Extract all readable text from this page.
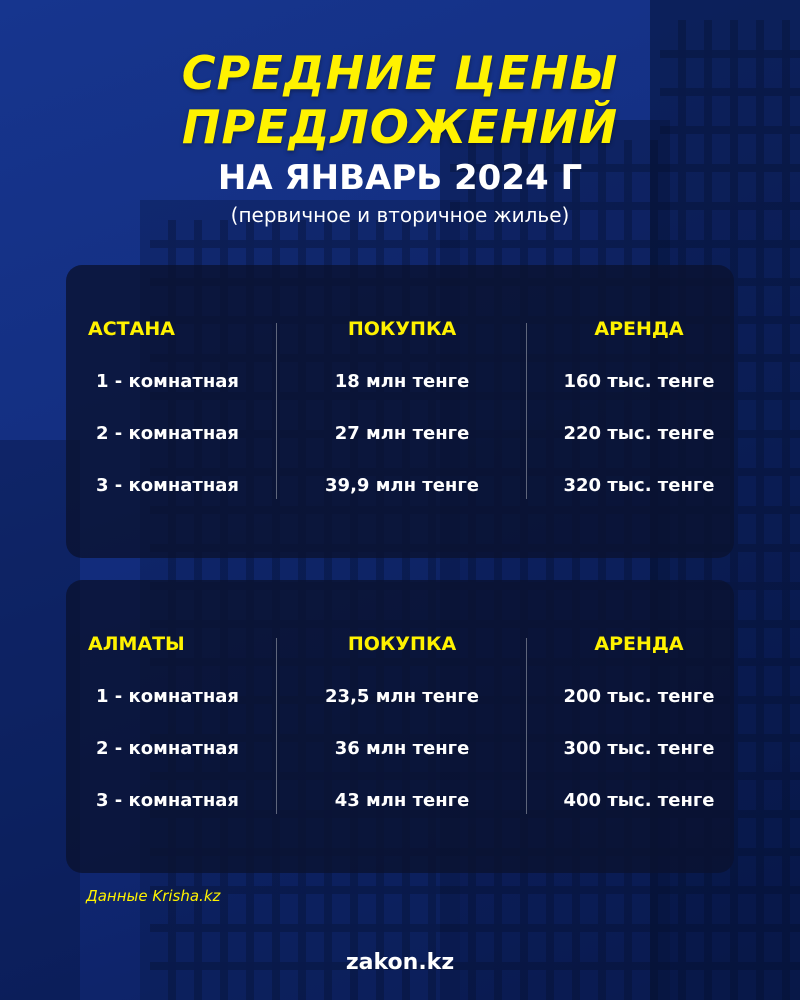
СРЕДНИЕ ЦЕНЫ
ПРЕДЛОЖЕНИЙ
НА ЯНВАРЬ 2024 Г
(первичное и вторичное жилье)
АСТАНА	ПОКУПКА	АРЕНДА
1 - комнатная	18 млн тенге	160 тыс. тенге
2 - комнатная	27 млн тенге	220 тыс. тенге
3 - комнатная	39,9 млн тенге	320 тыс. тенге
АЛМАТЫ	ПОКУПКА	АРЕНДА
1 - комнатная	23,5 млн тенге	200 тыс. тенге
2 - комнатная	36 млн тенге	300 тыс. тенге
3 - комнатная	43 млн тенге	400 тыс. тенге
Данные Krisha.kz
zakon.kz
